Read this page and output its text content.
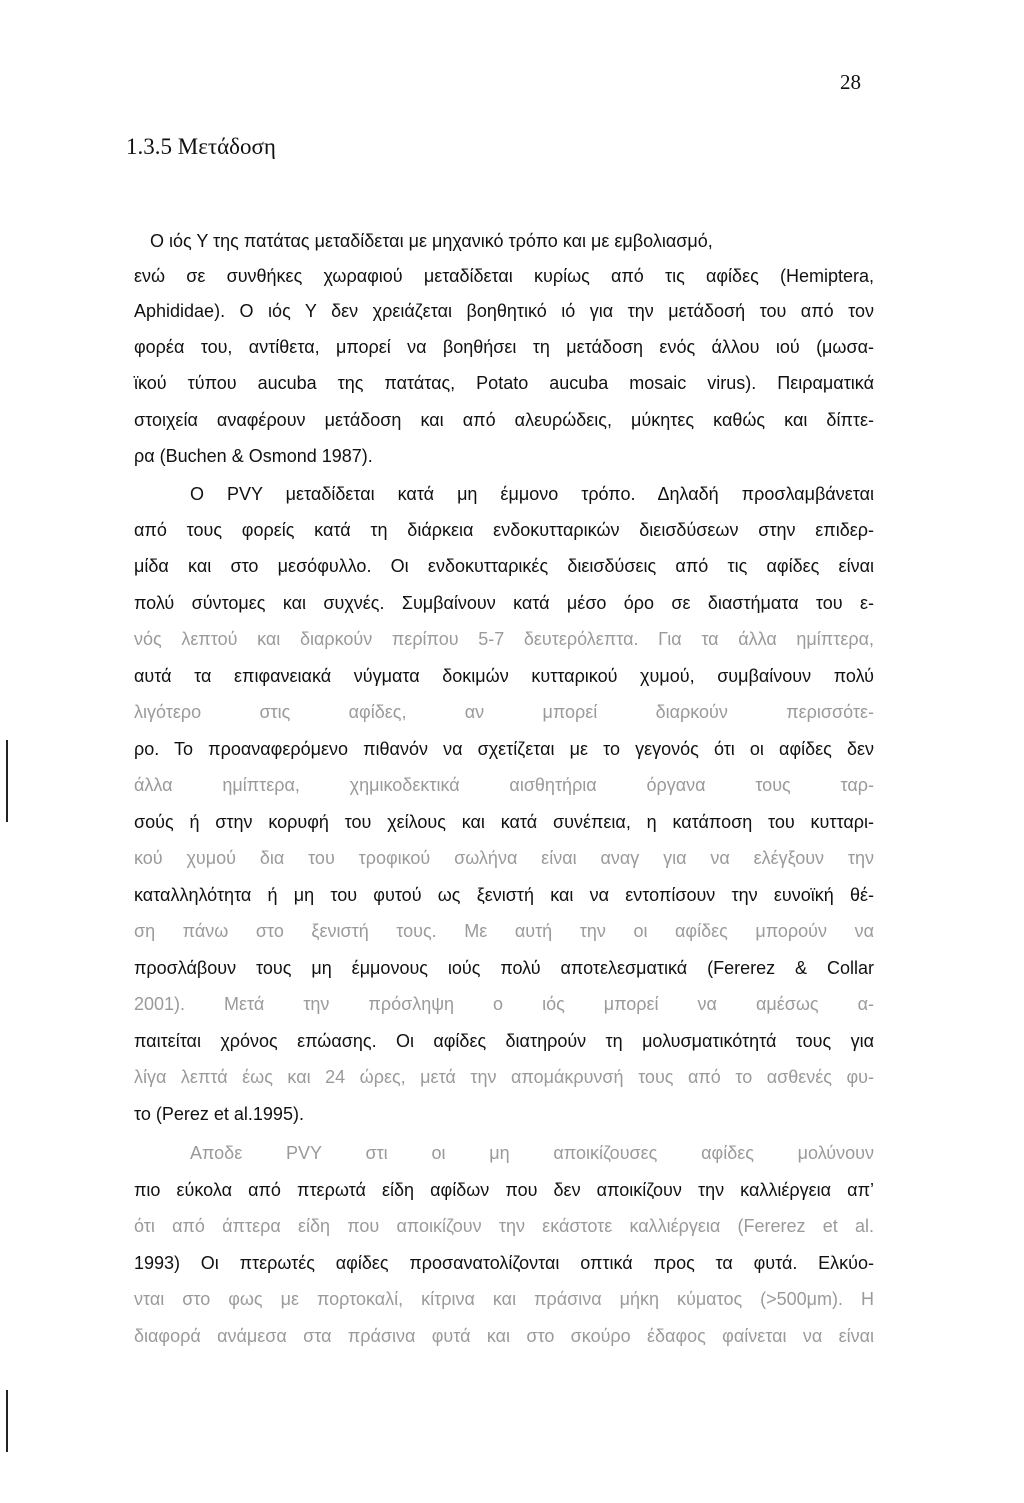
28
1.3.5 Μετάδοση
Ο ιός Υ της πατάτας μεταδίδεται με μηχανικό τρόπο και με εμβολιασμό,
ενώ σε συνθήκες χωραφιού μεταδίδεται κυρίως από τις αφίδες (Hemiptera,
Aphididae). Ο ιός Υ δεν χρειάζεται βοηθητικό ιό για την μετάδοσή του από τον
φορέα του, αντίθετα, μπορεί να βοηθήσει τη μετάδοση ενός άλλου ιού (μωσα-
ϊκού τύπου aucuba της πατάτας, Potato aucuba mosaic virus). Πειραματικά
στοιχεία αναφέρουν μετάδοση και από αλευρώδεις, μύκητες καθώς και δίπτε-
ρα (Buchen & Osmond 1987).
Ο PVY μεταδίδεται κατά μη έμμονο τρόπο. Δηλαδή προσλαμβάνεται
από τους φορείς κατά τη διάρκεια ενδοκυτταρικών διεισδύσεων στην επιδερ-
μίδα και στο μεσόφυλλο. Οι ενδοκυτταρικές διεισδύσεις από τις αφίδες είναι
πολύ σύντομες και συχνές. Συμβαίνουν κατά μέσο όρο σε διαστήματα του ε-
νός λεπτού και διαρκούν περίπου 5-7 δευτερόλεπτα. Για τα άλλα ημίπτερα,
αυτά τα επιφανειακά νύγματα δοκιμών κυτταρικού χυμού, συμβαίνουν πολύ
λιγότερο στις αφίδες, αν μπορεί διαρκούν περισσότε-
ρο. Το προαναφερόμενο πιθανόν να σχετίζεται με το γεγονός ότι οι αφίδες δεν
άλλα ημίπτερα, χημικοδεκτικά αισθητήρια όργανα τους ταρ-
σούς ή στην κορυφή του χείλους και κατά συνέπεια, η κατάποση του κυτταρι-
κού χυμού δια του τροφικού σωλήνα είναι αναγ για να ελέγξουν την
καταλληλότητα ή μη του φυτού ως ξενιστή και να εντοπίσουν την ευνοϊκή θέ-
ση πάνω στο ξενιστή τους. Με αυτή την οι αφίδες μπορούν να
προσλάβουν τους μη έμμονους ιούς πολύ αποτελεσματικά (Fererez & Collar
2001). Μετά την πρόσληψη ο ιός μπορεί να αμέσως α-
παιτείται χρόνος επώασης. Οι αφίδες διατηρούν τη μολυσματικότητά τους για
λίγα λεπτά έως και 24 ώρες, μετά την απομάκρυνσή τους από το ασθενές φυ-
το (Perez et al.1995).
Αποδε PVY στι οι μη αποικίζουσες αφίδες μολύνουν
πιο εύκολα από πτερωτά είδη αφίδων που δεν αποικίζουν την καλλιέργεια απ’
ότι από άπτερα είδη που αποικίζουν την εκάστοτε καλλιέργεια (Fererez et al.
1993) Οι πτερωτές αφίδες προσανατολίζονται οπτικά προς τα φυτά. Ελκύο-
νται στο φως με πορτοκαλί, κίτρινα και πράσινα μήκη κύματος (>500μm). Η
διαφορά ανάμεσα στα πράσινα φυτά και στο σκούρο έδαφος φαίνεται να είναι
